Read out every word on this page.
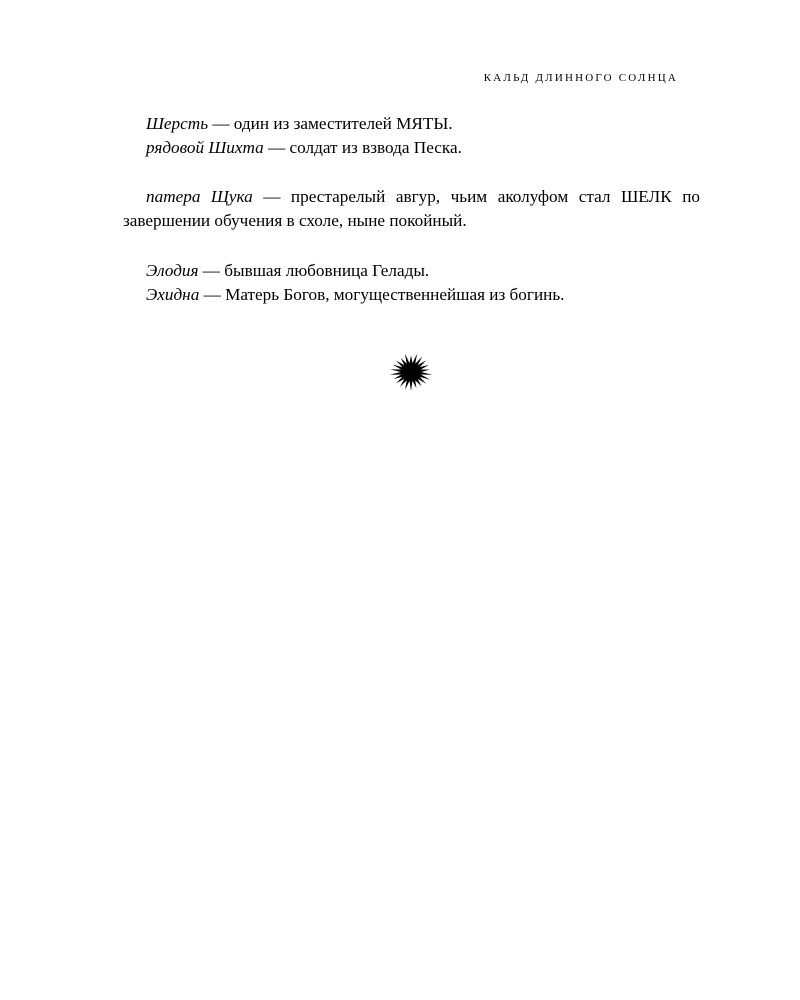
КАЛЬД ДЛИННОГО СОЛНЦА

Шерсть — один из заместителей МЯТЫ.

рядовой Шихта — солдат из взвода Песка.

патера Щука — престарелый авгур, чьим аколуфом стал ШЕЛК по завершении обучения в схоле, ныне покойный.

Элодия — бывшая любовница Гелады.

Эхидна — Матерь Богов, могущественнейшая из богинь.
